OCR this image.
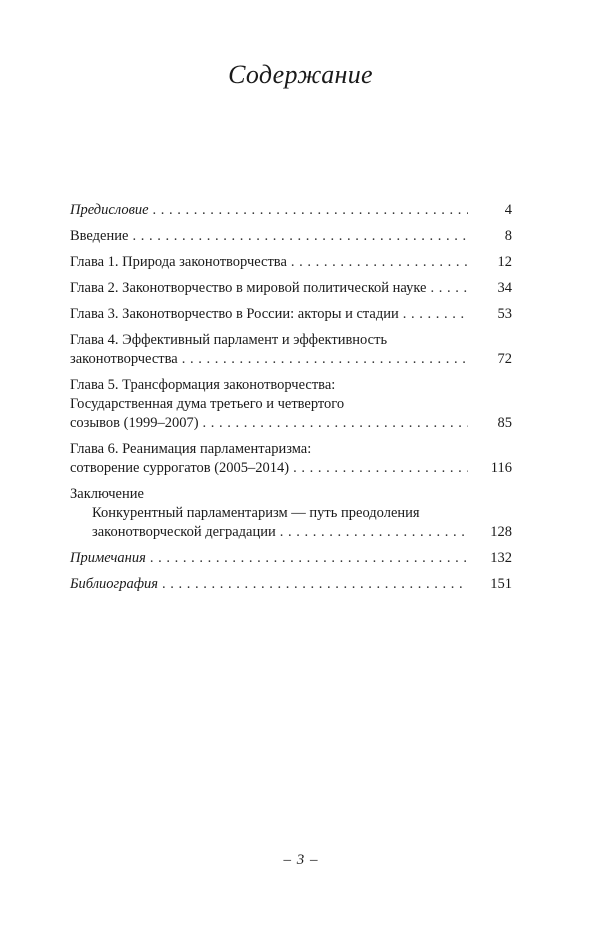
Содержание
Предисловие . . .	4
Введение . . .	8
Глава 1. Природа законотворчества . . .	12
Глава 2. Законотворчество в мировой политической науке . . .	34
Глава 3. Законотворчество в России: акторы и стадии . . .	53
Глава 4. Эффективный парламент и эффективность
законотворчества . . .	72
Глава 5. Трансформация законотворчества:
Государственная дума третьего и четвертого
созывов (1999–2007) . . .	85
Глава 6. Реанимация парламентаризма:
сотворение суррогатов (2005–2014) . . .	116
Заключение
Конкурентный парламентаризм — путь преодоления
законотворческой деградации . . .	128
Примечания . . .	132
Библиография . . .	151
– 3 –
